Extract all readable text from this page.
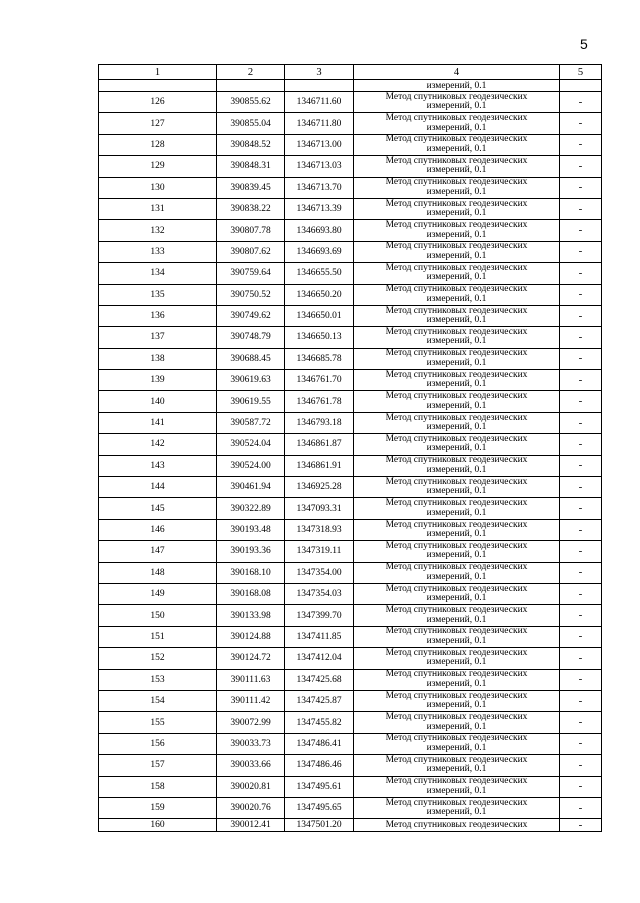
5
1	2	3	4	5
			измерений, 0.1	
126	390855.62	1346711.60	Метод спутниковых геодезических
измерений, 0.1	-
127	390855.04	1346711.80	Метод спутниковых геодезических
измерений, 0.1	-
128	390848.52	1346713.00	Метод спутниковых геодезических
измерений, 0.1	-
129	390848.31	1346713.03	Метод спутниковых геодезических
измерений, 0.1	-
130	390839.45	1346713.70	Метод спутниковых геодезических
измерений, 0.1	-
131	390838.22	1346713.39	Метод спутниковых геодезических
измерений, 0.1	-
132	390807.78	1346693.80	Метод спутниковых геодезических
измерений, 0.1	-
133	390807.62	1346693.69	Метод спутниковых геодезических
измерений, 0.1	-
134	390759.64	1346655.50	Метод спутниковых геодезических
измерений, 0.1	-
135	390750.52	1346650.20	Метод спутниковых геодезических
измерений, 0.1	-
136	390749.62	1346650.01	Метод спутниковых геодезических
измерений, 0.1	-
137	390748.79	1346650.13	Метод спутниковых геодезических
измерений, 0.1	-
138	390688.45	1346685.78	Метод спутниковых геодезических
измерений, 0.1	-
139	390619.63	1346761.70	Метод спутниковых геодезических
измерений, 0.1	-
140	390619.55	1346761.78	Метод спутниковых геодезических
измерений, 0.1	-
141	390587.72	1346793.18	Метод спутниковых геодезических
измерений, 0.1	-
142	390524.04	1346861.87	Метод спутниковых геодезических
измерений, 0.1	-
143	390524.00	1346861.91	Метод спутниковых геодезических
измерений, 0.1	-
144	390461.94	1346925.28	Метод спутниковых геодезических
измерений, 0.1	-
145	390322.89	1347093.31	Метод спутниковых геодезических
измерений, 0.1	-
146	390193.48	1347318.93	Метод спутниковых геодезических
измерений, 0.1	-
147	390193.36	1347319.11	Метод спутниковых геодезических
измерений, 0.1	-
148	390168.10	1347354.00	Метод спутниковых геодезических
измерений, 0.1	-
149	390168.08	1347354.03	Метод спутниковых геодезических
измерений, 0.1	-
150	390133.98	1347399.70	Метод спутниковых геодезических
измерений, 0.1	-
151	390124.88	1347411.85	Метод спутниковых геодезических
измерений, 0.1	-
152	390124.72	1347412.04	Метод спутниковых геодезических
измерений, 0.1	-
153	390111.63	1347425.68	Метод спутниковых геодезических
измерений, 0.1	-
154	390111.42	1347425.87	Метод спутниковых геодезических
измерений, 0.1	-
155	390072.99	1347455.82	Метод спутниковых геодезических
измерений, 0.1	-
156	390033.73	1347486.41	Метод спутниковых геодезических
измерений, 0.1	-
157	390033.66	1347486.46	Метод спутниковых геодезических
измерений, 0.1	-
158	390020.81	1347495.61	Метод спутниковых геодезических
измерений, 0.1	-
159	390020.76	1347495.65	Метод спутниковых геодезических
измерений, 0.1	-
160	390012.41	1347501.20	Метод спутниковых геодезических	-
